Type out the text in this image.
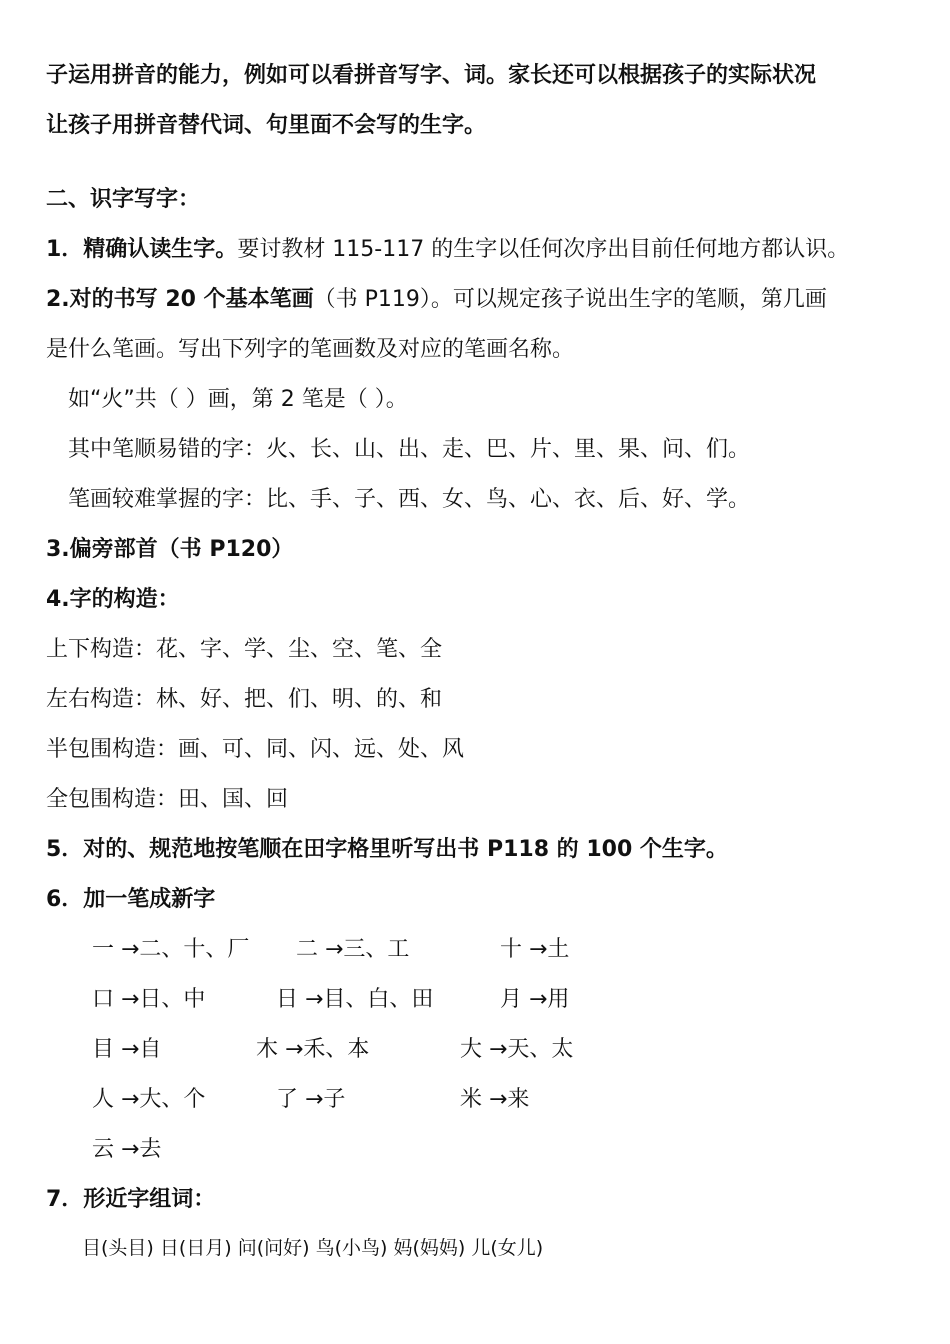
子运用拼音的能力，例如可以看拼音写字、词。家长还可以根据孩子的实际状况
让孩子用拼音替代词、句里面不会写的生字。
二、识字写字：
1．精确认读生字。要讨教材 115-117 的生字以任何次序出目前任何地方都认识。
2.对的书写 20 个基本笔画（书 P119）。可以规定孩子说出生字的笔顺，第几画
是什么笔画。写出下列字的笔画数及对应的笔画名称。
如“火”共（ ）画，第 2 笔是（ ）。
其中笔顺易错的字：火、长、山、出、走、巴、片、里、果、问、们。
笔画较难掌握的字：比、手、子、西、女、鸟、心、衣、后、好、学。
3.偏旁部首（书 P120）
4.字的构造：
上下构造：花、字、学、尘、空、笔、全
左右构造：林、好、把、们、明、的、和
半包围构造：画、可、同、闪、远、处、风
全包围构造：田、国、回
5．对的、规范地按笔顺在田字格里听写出书 P118 的 100 个生字。
6．加一笔成新字
一 →二、十、厂 二 →三、工	十 →土
口 →日、中	日 →目、白、田	月 →用
目 →自	木 →禾、本	大 →天、太
人 →大、个	了 →子	米 →来
云 →去
7．形近字组词：
目(头目) 日(日月) 问(问好) 鸟(小鸟) 妈(妈妈) 儿(女儿)
